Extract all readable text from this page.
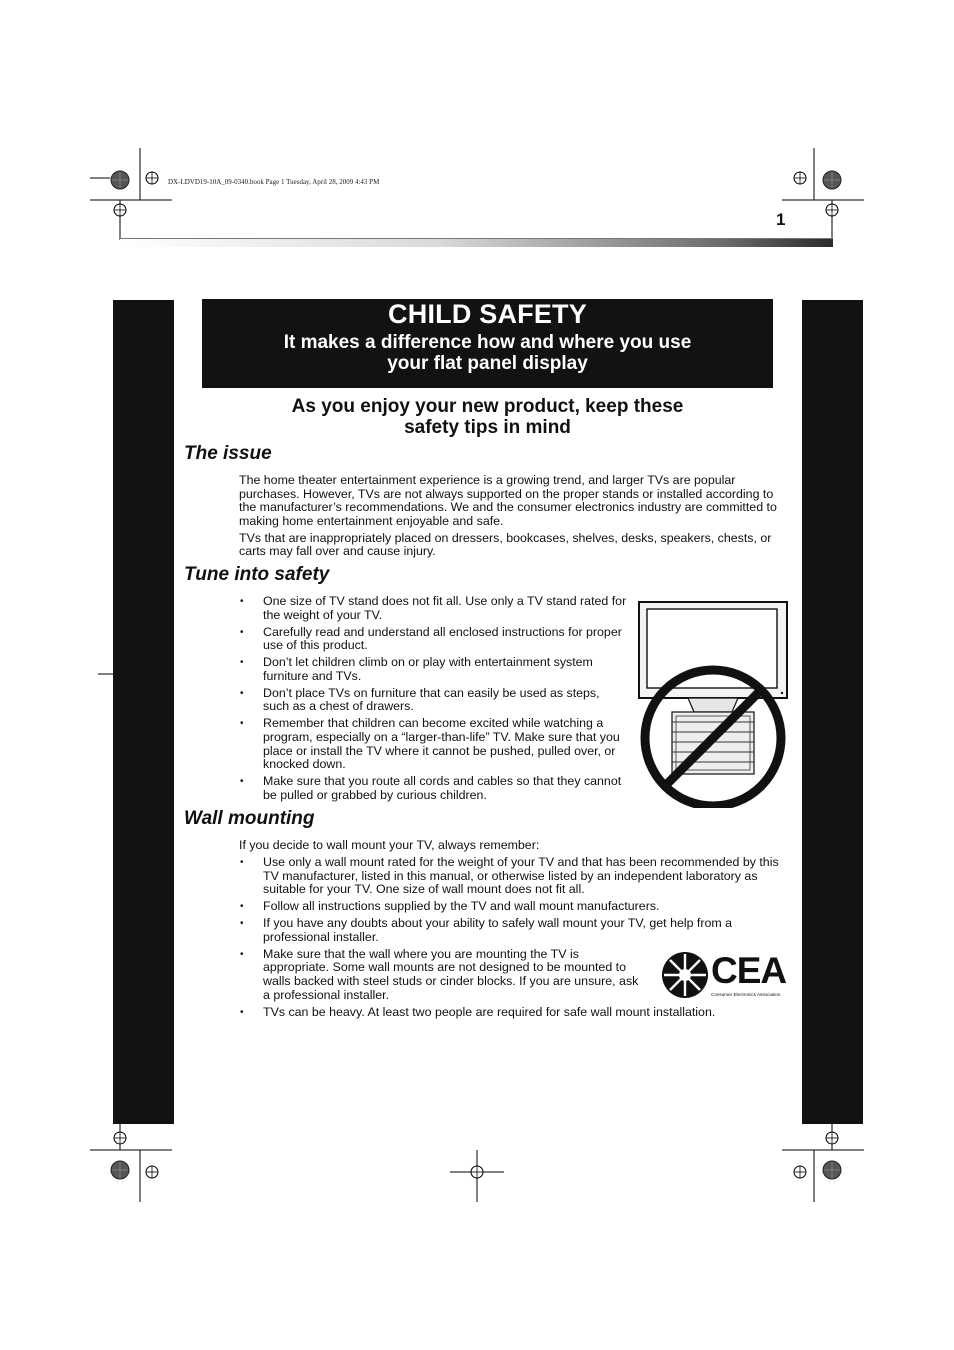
DX-LDVD19-10A_09-0340.book Page 1 Tuesday, April 28, 2009 4:43 PM
1
CHILD SAFETY
It makes a difference how and where you use
your flat panel display
As you enjoy your new product, keep these
safety tips in mind
The issue

The home theater entertainment experience is a growing trend, and larger TVs are popular purchases. However, TVs are not always supported on the proper stands or installed according to the manufacturer’s recommendations. We and the consumer electronics industry are committed to making home entertainment enjoyable and safe.

TVs that are inappropriately placed on dressers, bookcases, shelves, desks, speakers, chests, or carts may fall over and cause injury.

Tune into safety
• One size of TV stand does not fit all. Use only a TV stand rated for the weight of your TV.
• Carefully read and understand all enclosed instructions for proper use of this product.
• Don’t let children climb on or play with entertainment system furniture and TVs.
• Don’t place TVs on furniture that can easily be used as steps, such as a chest of drawers.
• Remember that children can become excited while watching a program, especially on a “larger-than-life” TV. Make sure that you place or install the TV where it cannot be pushed, pulled over, or knocked down.
• Make sure that you route all cords and cables so that they cannot be pulled or grabbed by curious children.
Wall mounting
If you decide to wall mount your TV, always remember:
• Use only a wall mount rated for the weight of your TV and that has been recommended by this TV manufacturer, listed in this manual, or otherwise listed by an independent laboratory as suitable for your TV. One size of wall mount does not fit all.
• Follow all instructions supplied by the TV and wall mount manufacturers.
• If you have any doubts about your ability to safely wall mount your TV, get help from a professional installer.
• Make sure that the wall where you are mounting the TV is appropriate. Some wall mounts are not designed to be mounted to walls backed with steel studs or cinder blocks. If you are unsure, ask a professional installer.
• TVs can be heavy. At least two people are required for safe wall mount installation.
CEA
Consumer Electronics Association
